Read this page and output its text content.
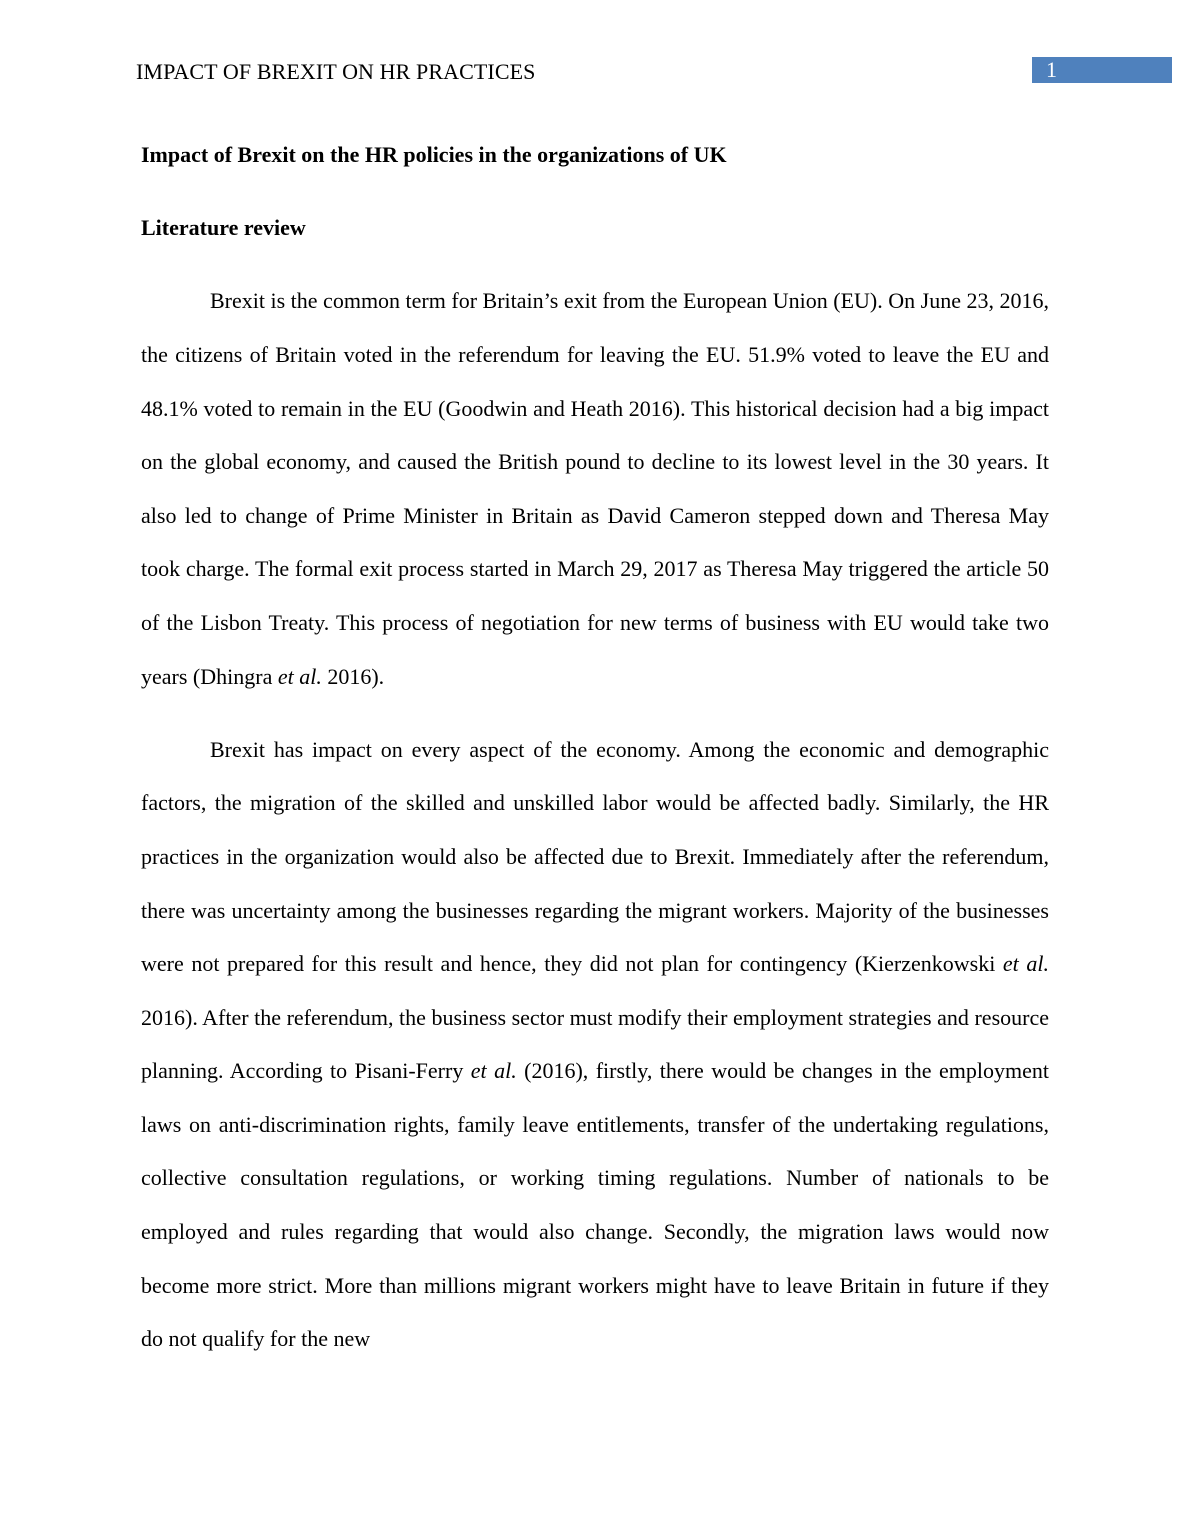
IMPACT OF BREXIT ON HR PRACTICES	1
Impact of Brexit on the HR policies in the organizations of UK
Literature review

Brexit is the common term for Britain’s exit from the European Union (EU). On June 23, 2016, the citizens of Britain voted in the referendum for leaving the EU. 51.9% voted to leave the EU and 48.1% voted to remain in the EU (Goodwin and Heath 2016). This historical decision had a big impact on the global economy, and caused the British pound to decline to its lowest level in the 30 years. It also led to change of Prime Minister in Britain as David Cameron stepped down and Theresa May took charge. The formal exit process started in March 29, 2017 as Theresa May triggered the article 50 of the Lisbon Treaty. This process of negotiation for new terms of business with EU would take two years (Dhingra et al. 2016).

Brexit has impact on every aspect of the economy. Among the economic and demographic factors, the migration of the skilled and unskilled labor would be affected badly. Similarly, the HR practices in the organization would also be affected due to Brexit. Immediately after the referendum, there was uncertainty among the businesses regarding the migrant workers. Majority of the businesses were not prepared for this result and hence, they did not plan for contingency (Kierzenkowski et al. 2016). After the referendum, the business sector must modify their employment strategies and resource planning. According to Pisani-Ferry et al. (2016), firstly, there would be changes in the employment laws on anti-discrimination rights, family leave entitlements, transfer of the undertaking regulations, collective consultation regulations, or working timing regulations. Number of nationals to be employed and rules regarding that would also change. Secondly, the migration laws would now become more strict. More than millions migrant workers might have to leave Britain in future if they do not qualify for the new
